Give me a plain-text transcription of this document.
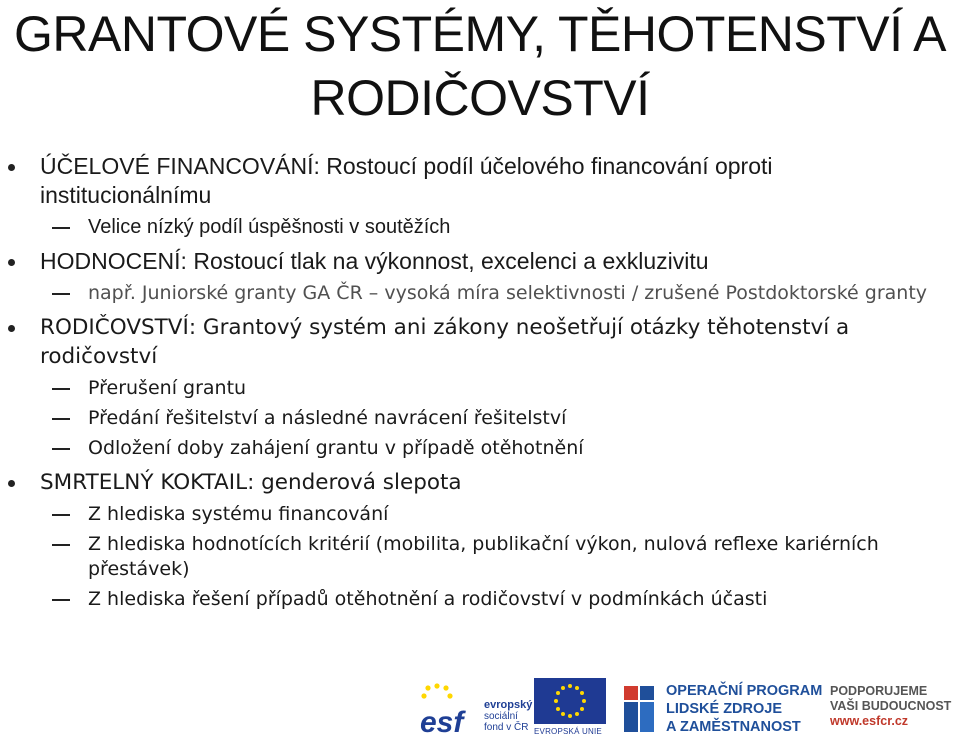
GRANTOVÉ SYSTÉMY, TĚHOTENSTVÍ A
RODIČOVSTVÍ
ÚČELOVÉ FINANCOVÁNÍ: Rostoucí podíl účelového financování oproti institucionálnímu
Velice nízký podíl úspěšnosti v soutěžích
HODNOCENÍ: Rostoucí tlak na výkonnost, excelenci a exkluzivitu
např. Juniorské granty GA ČR – vysoká míra selektivnosti / zrušené Postdoktorské granty
RODIČOVSTVÍ: Grantový systém ani zákony neošetřují otázky těhotenství a rodičovství
Přerušení grantu
Předání řešitelství a následné navrácení řešitelství
Odložení doby zahájení grantu v případě otěhotnění
SMRTELNÝ KOKTAIL: genderová slepota
Z hlediska systému financování
Z hlediska hodnotících kritérií (mobilita, publikační výkon, nulová reflexe kariérních přestávek)
Z hlediska řešení případů otěhotnění a rodičovství v podmínkách účasti
esf
evropský
sociální
fond v ČR EVROPSKÁ UNIE
OPERAČNÍ PROGRAM
LIDSKÉ ZDROJE
A ZAMĚSTNANOST
PODPORUJEME
VAŠI BUDOUCNOST
www.esfcr.cz
